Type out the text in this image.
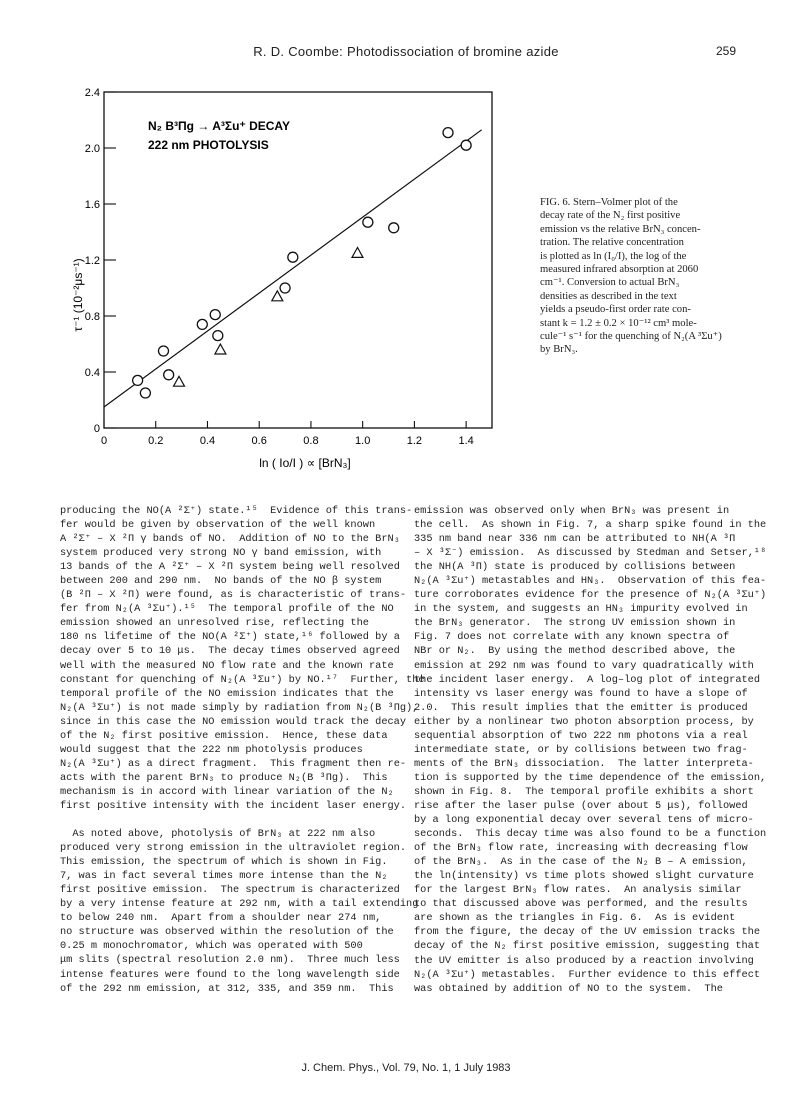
R. D. Coombe: Photodissociation of bromine azide	259
0	0.2	0.4	0.6	0.8	1.0	1.2	1.4
0
0.4
0.8
1.2
1.6
2.0
2.4
N₂ B³Πg → A³Σu⁺ DECAY
222 nm PHOTOLYSIS
τ⁻¹ (10⁻²μs⁻¹)
ln ( Io/I ) ∝ [BrN₃]

FIG. 6. Stern–Volmer plot of the

decay rate of the N₂ first positive

emission vs the relative BrN₃ concen-

tration. The relative concentration

is plotted as ln (I₀/I), the log of the

measured infrared absorption at 2060

cm⁻¹. Conversion to actual BrN₃

densities as described in the text

yields a pseudo-first order rate con-

stant k = 1.2 ± 0.2 × 10⁻¹² cm³ mole-

cule⁻¹ s⁻¹ for the quenching of N₂(A ³Σu⁺)

by BrN₃.

producing the NO(A ²Σ⁺) state.¹⁵  Evidence of this trans-

fer would be given by observation of the well known

A ²Σ⁺ – X ²Π γ bands of NO.  Addition of NO to the BrN₃

system produced very strong NO γ band emission, with

13 bands of the A ²Σ⁺ – X ²Π system being well resolved

between 200 and 290 nm.  No bands of the NO β system

(B ²Π – X ²Π) were found, as is characteristic of trans-

fer from N₂(A ³Σu⁺).¹⁵  The temporal profile of the NO

emission showed an unresolved rise, reflecting the

180 ns lifetime of the NO(A ²Σ⁺) state,¹⁶ followed by a

decay over 5 to 10 μs.  The decay times observed agreed

well with the measured NO flow rate and the known rate

constant for quenching of N₂(A ³Σu⁺) by NO.¹⁷  Further, the

temporal profile of the NO emission indicates that the

N₂(A ³Σu⁺) is not made simply by radiation from N₂(B ³Πg),

since in this case the NO emission would track the decay

of the N₂ first positive emission.  Hence, these data

would suggest that the 222 nm photolysis produces

N₂(A ³Σu⁺) as a direct fragment.  This fragment then re-

acts with the parent BrN₃ to produce N₂(B ³Πg).  This

mechanism is in accord with linear variation of the N₂

first positive intensity with the incident laser energy.

As noted above, photolysis of BrN₃ at 222 nm also

produced very strong emission in the ultraviolet region.

This emission, the spectrum of which is shown in Fig.

7, was in fact several times more intense than the N₂

first positive emission.  The spectrum is characterized

by a very intense feature at 292 nm, with a tail extending

to below 240 nm.  Apart from a shoulder near 274 nm,

no structure was observed within the resolution of the

0.25 m monochromator, which was operated with 500

μm slits (spectral resolution 2.0 nm).  Three much less

intense features were found to the long wavelength side

of the 292 nm emission, at 312, 335, and 359 nm.  This

emission was observed only when BrN₃ was present in

the cell.  As shown in Fig. 7, a sharp spike found in the

335 nm band near 336 nm can be attributed to NH(A ³Π

– X ³Σ⁻) emission.  As discussed by Stedman and Setser,¹⁸

the NH(A ³Π) state is produced by collisions between

N₂(A ³Σu⁺) metastables and HN₃.  Observation of this fea-

ture corroborates evidence for the presence of N₂(A ³Σu⁺)

in the system, and suggests an HN₃ impurity evolved in

the BrN₃ generator.  The strong UV emission shown in

Fig. 7 does not correlate with any known spectra of

NBr or N₂.  By using the method described above, the

emission at 292 nm was found to vary quadratically with

the incident laser energy.  A log–log plot of integrated

intensity vs laser energy was found to have a slope of

2.0.  This result implies that the emitter is produced

either by a nonlinear two photon absorption process, by

sequential absorption of two 222 nm photons via a real

intermediate state, or by collisions between two frag-

ments of the BrN₃ dissociation.  The latter interpreta-

tion is supported by the time dependence of the emission,

shown in Fig. 8.  The temporal profile exhibits a short

rise after the laser pulse (over about 5 μs), followed

by a long exponential decay over several tens of micro-

seconds.  This decay time was also found to be a function

of the BrN₃ flow rate, increasing with decreasing flow

of the BrN₃.  As in the case of the N₂ B – A emission,

the ln(intensity) vs time plots showed slight curvature

for the largest BrN₃ flow rates.  An analysis similar

to that discussed above was performed, and the results

are shown as the triangles in Fig. 6.  As is evident

from the figure, the decay of the UV emission tracks the

decay of the N₂ first positive emission, suggesting that

the UV emitter is also produced by a reaction involving

N₂(A ³Σu⁺) metastables.  Further evidence to this effect

was obtained by addition of NO to the system.  The

J. Chem. Phys., Vol. 79, No. 1, 1 July 1983
